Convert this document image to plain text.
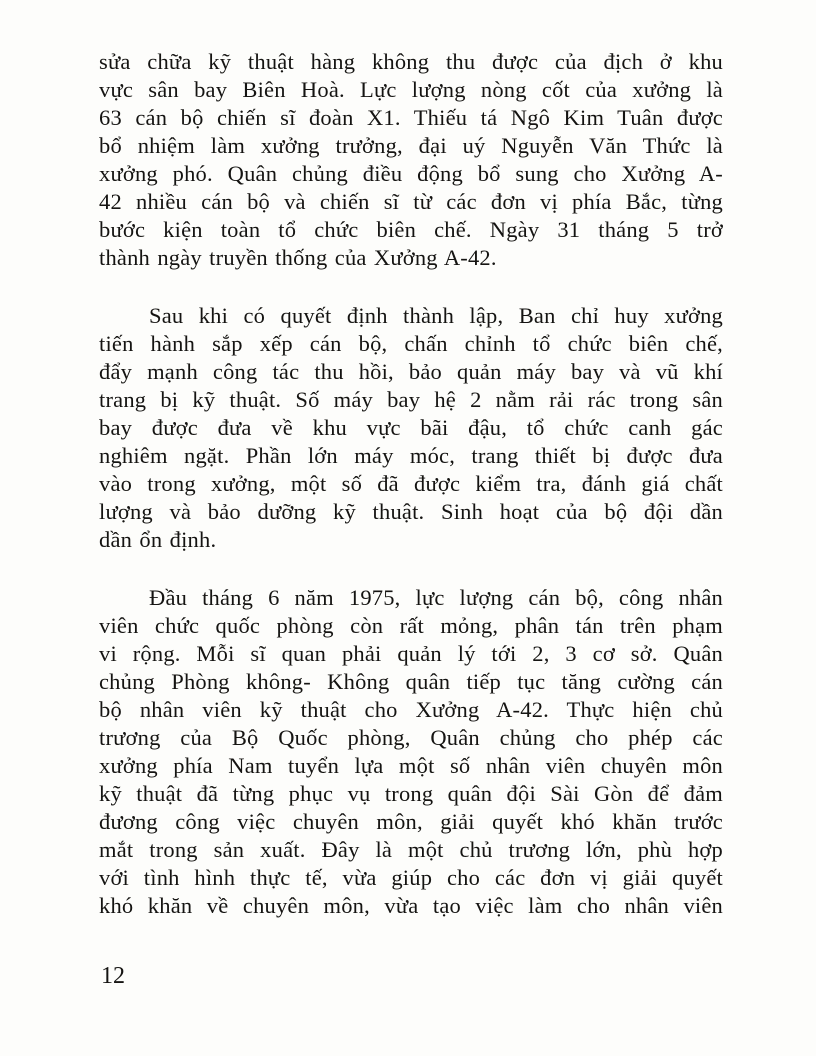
sửa chữa kỹ thuật hàng không thu được của địch ở khu
vực sân bay Biên Hoà. Lực lượng nòng cốt của xưởng là
63 cán bộ chiến sĩ đoàn X1. Thiếu tá Ngô Kim Tuân được
bổ nhiệm làm xưởng trưởng, đại uý Nguyễn Văn Thức là
xưởng phó. Quân chủng điều động bổ sung cho Xưởng A-
42 nhiều cán bộ và chiến sĩ từ các đơn vị phía Bắc, từng
bước kiện toàn tổ chức biên chế. Ngày 31 tháng 5 trở
thành ngày truyền thống của Xưởng A-42.
Sau khi có quyết định thành lập, Ban chỉ huy xưởng
tiến hành sắp xếp cán bộ, chấn chỉnh tổ chức biên chế,
đẩy mạnh công tác thu hồi, bảo quản máy bay và vũ khí
trang bị kỹ thuật. Số máy bay hệ 2 nằm rải rác trong sân
bay được đưa về khu vực bãi đậu, tổ chức canh gác
nghiêm ngặt. Phần lớn máy móc, trang thiết bị được đưa
vào trong xưởng, một số đã được kiểm tra, đánh giá chất
lượng và bảo dưỡng kỹ thuật. Sinh hoạt của bộ đội dần
dần ổn định.
Đầu tháng 6 năm 1975, lực lượng cán bộ, công nhân
viên chức quốc phòng còn rất mỏng, phân tán trên phạm
vi rộng. Mỗi sĩ quan phải quản lý tới 2, 3 cơ sở. Quân
chủng Phòng không- Không quân tiếp tục tăng cường cán
bộ nhân viên kỹ thuật cho Xưởng A-42. Thực hiện chủ
trương của Bộ Quốc phòng, Quân chủng cho phép các
xưởng phía Nam tuyển lựa một số nhân viên chuyên môn
kỹ thuật đã từng phục vụ trong quân đội Sài Gòn để đảm
đương công việc chuyên môn, giải quyết khó khăn trước
mắt trong sản xuất. Đây là một chủ trương lớn, phù hợp
với tình hình thực tế, vừa giúp cho các đơn vị giải quyết
khó khăn về chuyên môn, vừa tạo việc làm cho nhân viên
12
